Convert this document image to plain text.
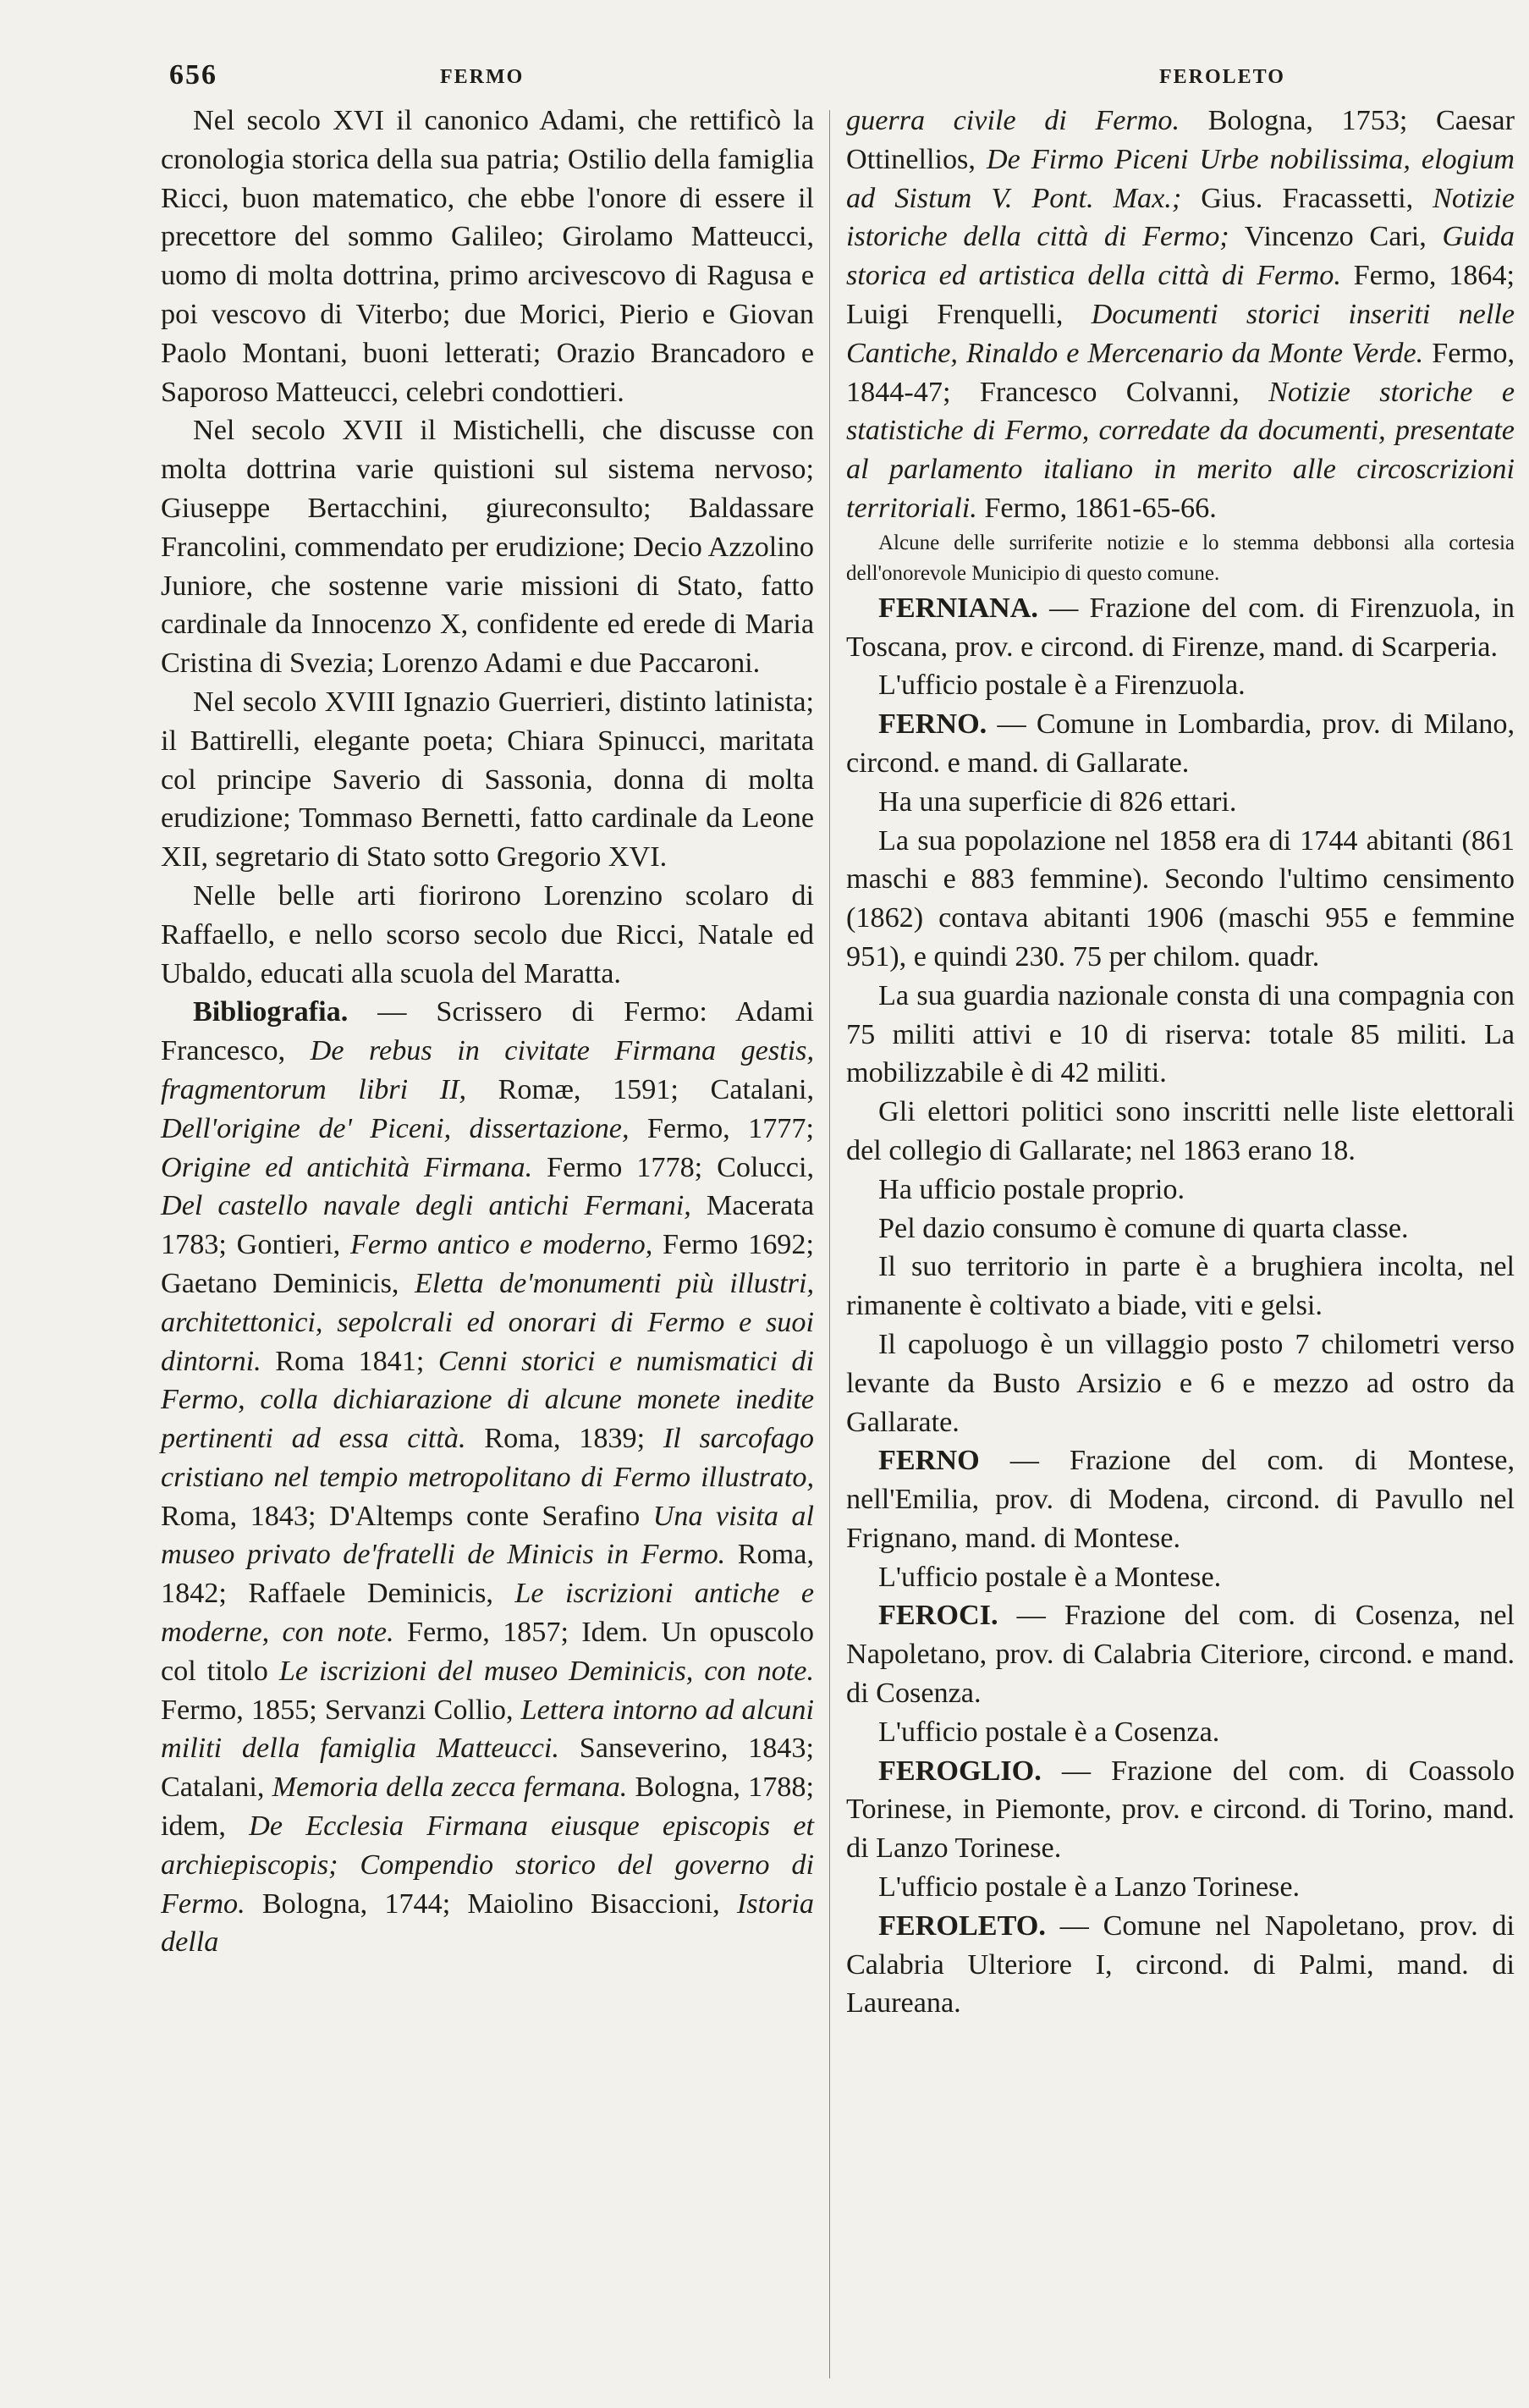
656	FERMO	FEROLETO

Nel secolo XVI il canonico Adami, che rettificò la cronologia storica della sua patria; Ostilio della famiglia Ricci, buon matematico, che ebbe l'onore di essere il precettore del sommo Galileo; Girolamo Matteucci, uomo di molta dottrina, primo arcivescovo di Ragusa e poi vescovo di Viterbo; due Morici, Pierio e Giovan Paolo Montani, buoni letterati; Orazio Brancadoro e Saporoso Matteucci, celebri condottieri.

Nel secolo XVII il Mistichelli, che discusse con molta dottrina varie quistioni sul sistema nervoso; Giuseppe Bertacchini, giureconsulto; Baldassare Francolini, commendato per erudizione; Decio Azzolino Juniore, che sostenne varie missioni di Stato, fatto cardinale da Innocenzo X, confidente ed erede di Maria Cristina di Svezia; Lorenzo Adami e due Paccaroni.

Nel secolo XVIII Ignazio Guerrieri, distinto latinista; il Battirelli, elegante poeta; Chiara Spinucci, maritata col principe Saverio di Sassonia, donna di molta erudizione; Tommaso Bernetti, fatto cardinale da Leone XII, segretario di Stato sotto Gregorio XVI.

Nelle belle arti fiorirono Lorenzino scolaro di Raffaello, e nello scorso secolo due Ricci, Natale ed Ubaldo, educati alla scuola del Maratta.

Bibliografia. — Scrissero di Fermo: Adami Francesco, De rebus in civitate Firmana gestis, fragmentorum libri II, Romæ, 1591; Catalani, Dell'origine de' Piceni, dissertazione, Fermo, 1777; Origine ed antichità Firmana. Fermo 1778; Colucci, Del castello navale degli antichi Fermani, Macerata 1783; Gontieri, Fermo antico e moderno, Fermo 1692; Gaetano Deminicis, Eletta de'monumenti più illustri, architettonici, sepolcrali ed onorari di Fermo e suoi dintorni. Roma 1841; Cenni storici e numismatici di Fermo, colla dichiarazione di alcune monete inedite pertinenti ad essa città. Roma, 1839; Il sarcofago cristiano nel tempio metropolitano di Fermo illustrato, Roma, 1843; D'Altemps conte Serafino Una visita al museo privato de'fratelli de Minicis in Fermo. Roma, 1842; Raffaele Deminicis, Le iscrizioni antiche e moderne, con note. Fermo, 1857; Idem. Un opuscolo col titolo Le iscrizioni del museo Deminicis, con note. Fermo, 1855; Servanzi Collio, Lettera intorno ad alcuni militi della famiglia Matteucci. Sanseverino, 1843; Catalani, Memoria della zecca fermana. Bologna, 1788; idem, De Ecclesia Firmana eiusque episcopis et archiepiscopis; Compendio storico del governo di Fermo. Bologna, 1744; Maiolino Bisaccioni, Istoria della

guerra civile di Fermo. Bologna, 1753; Caesar Ottinellios, De Firmo Piceni Urbe nobilissima, elogium ad Sistum V. Pont. Max.; Gius. Fracassetti, Notizie istoriche della città di Fermo; Vincenzo Cari, Guida storica ed artistica della città di Fermo. Fermo, 1864; Luigi Frenquelli, Documenti storici inseriti nelle Cantiche, Rinaldo e Mercenario da Monte Verde. Fermo, 1844-47; Francesco Colvanni, Notizie storiche e statistiche di Fermo, corredate da documenti, presentate al parlamento italiano in merito alle circoscrizioni territoriali. Fermo, 1861-65-66.

Alcune delle surriferite notizie e lo stemma debbonsi alla cortesia dell'onorevole Municipio di questo comune.

FERNIANA. — Frazione del com. di Firenzuola, in Toscana, prov. e circond. di Firenze, mand. di Scarperia.

L'ufficio postale è a Firenzuola.

FERNO. — Comune in Lombardia, prov. di Milano, circond. e mand. di Gallarate.

Ha una superficie di 826 ettari.

La sua popolazione nel 1858 era di 1744 abitanti (861 maschi e 883 femmine). Secondo l'ultimo censimento (1862) contava abitanti 1906 (maschi 955 e femmine 951), e quindi 230. 75 per chilom. quadr.

La sua guardia nazionale consta di una compagnia con 75 militi attivi e 10 di riserva: totale 85 militi. La mobilizzabile è di 42 militi.

Gli elettori politici sono inscritti nelle liste elettorali del collegio di Gallarate; nel 1863 erano 18.

Ha ufficio postale proprio.

Pel dazio consumo è comune di quarta classe.

Il suo territorio in parte è a brughiera incolta, nel rimanente è coltivato a biade, viti e gelsi.

Il capoluogo è un villaggio posto 7 chilometri verso levante da Busto Arsizio e 6 e mezzo ad ostro da Gallarate.

FERNO — Frazione del com. di Montese, nell'Emilia, prov. di Modena, circond. di Pavullo nel Frignano, mand. di Montese.

L'ufficio postale è a Montese.

FEROCI. — Frazione del com. di Cosenza, nel Napoletano, prov. di Calabria Citeriore, circond. e mand. di Cosenza.

L'ufficio postale è a Cosenza.

FEROGLIO. — Frazione del com. di Coassolo Torinese, in Piemonte, prov. e circond. di Torino, mand. di Lanzo Torinese.

L'ufficio postale è a Lanzo Torinese.

FEROLETO. — Comune nel Napoletano, prov. di Calabria Ulteriore I, circond. di Palmi, mand. di Laureana.
